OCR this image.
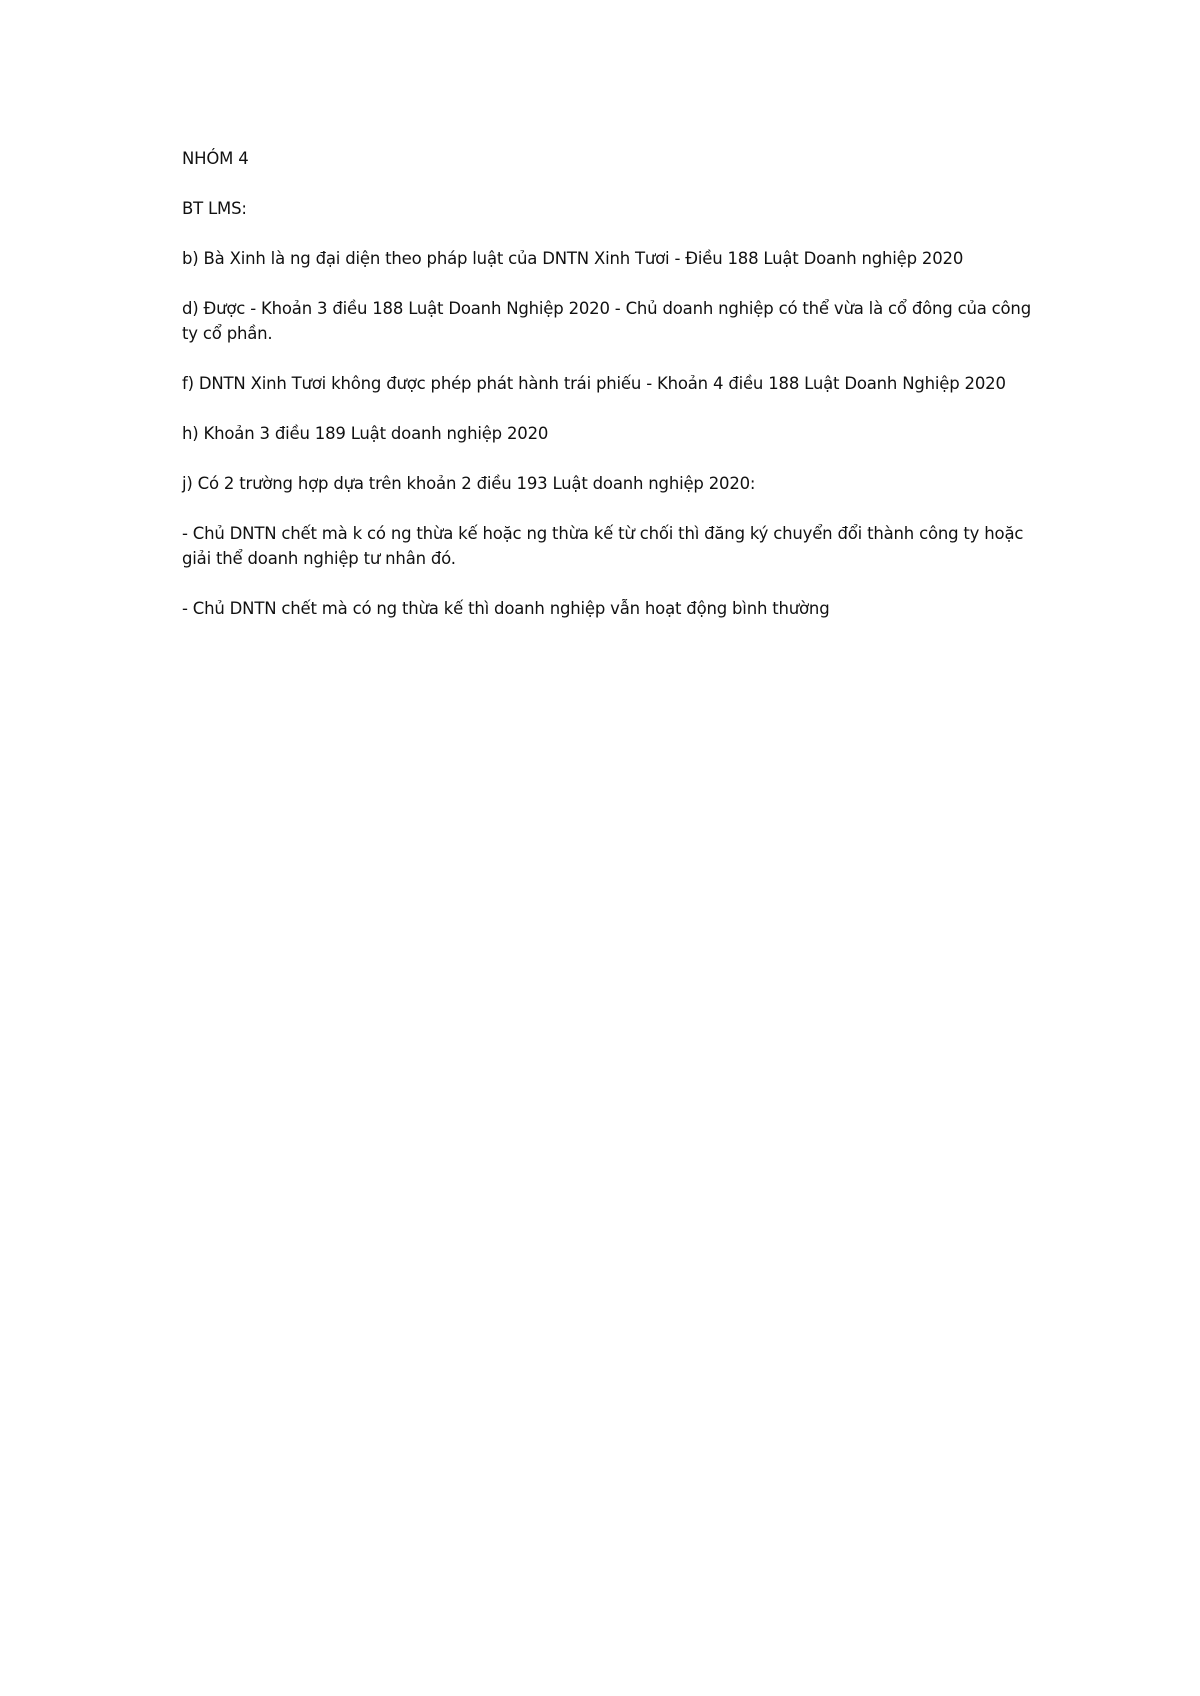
NHÓM 4

BT LMS:

b) Bà Xinh là ng đại diện theo pháp luật của DNTN Xinh Tươi - Điều 188 Luật Doanh nghiệp 2020

d) Được - Khoản 3 điều 188 Luật Doanh Nghiệp 2020 - Chủ doanh nghiệp có thể vừa là cổ đông của công ty cổ phần.

f) DNTN Xinh Tươi không được phép phát hành trái phiếu - Khoản 4 điều 188 Luật Doanh Nghiệp 2020

h) Khoản 3 điều 189 Luật doanh nghiệp 2020

j) Có 2 trường hợp dựa trên khoản 2 điều 193 Luật doanh nghiệp 2020:

- Chủ DNTN chết mà k có ng thừa kế hoặc ng thừa kế từ chối thì đăng ký chuyển đổi thành công ty hoặc giải thể doanh nghiệp tư nhân đó.

- Chủ DNTN chết mà có ng thừa kế thì doanh nghiệp vẫn hoạt động bình thường
